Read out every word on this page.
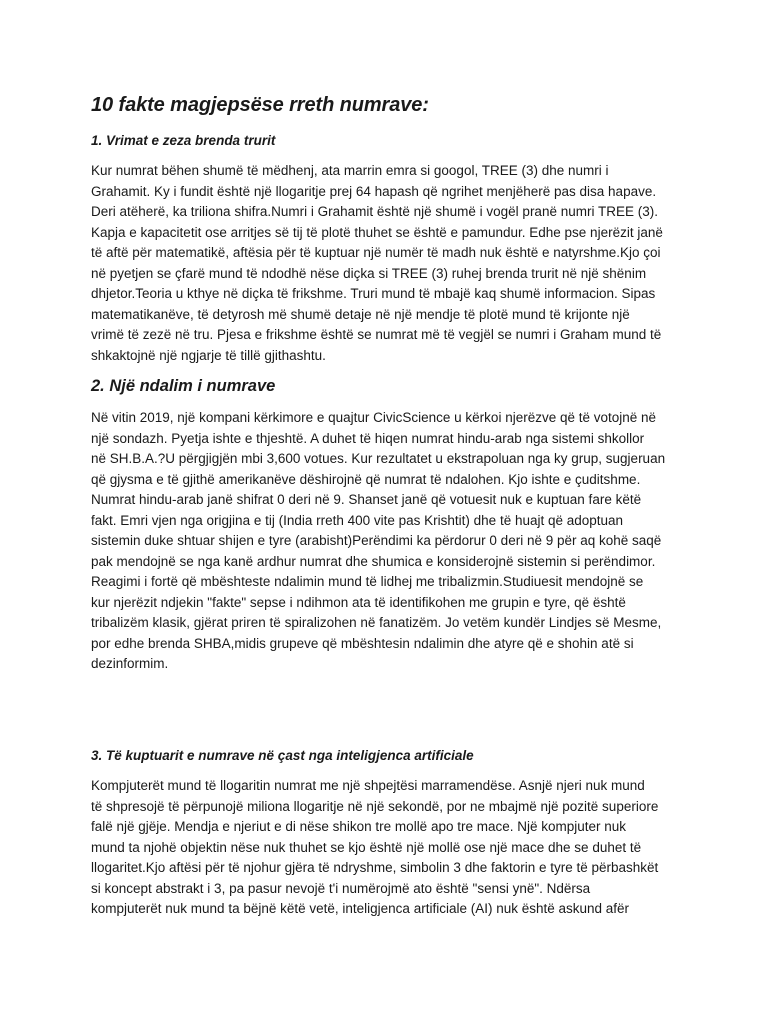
10 fakte magjepsëse rreth numrave:
1. Vrimat e zeza brenda trurit
Kur numrat bëhen shumë të mëdhenj, ata marrin emra si googol, TREE (3) dhe numri i
Grahamit. Ky i fundit është një llogaritje prej 64 hapash që ngrihet menjëherë pas disa hapave.
Deri atëherë, ka triliona shifra.Numri i Grahamit është një shumë i vogël pranë numri TREE (3).
Kapja e kapacitetit ose arritjes së tij të plotë thuhet se është e pamundur. Edhe pse njerëzit janë
të aftë për matematikë, aftësia për të kuptuar një numër të madh nuk është e natyrshme.Kjo çoi
në pyetjen se çfarë mund të ndodhë nëse diçka si TREE (3) ruhej brenda trurit në një shënim
dhjetor.Teoria u kthye në diçka të frikshme. Truri mund të mbajë kaq shumë informacion. Sipas
matematikanëve, të detyrosh më shumë detaje në një mendje të plotë mund të krijonte një
vrimë të zezë në tru. Pjesa e frikshme është se numrat më të vegjël se numri i Graham mund të
shkaktojnë një ngjarje të tillë gjithashtu.
2. Një ndalim i numrave
Në vitin 2019, një kompani kërkimore e quajtur CivicScience u kërkoi njerëzve që të votojnë në
një sondazh. Pyetja ishte e thjeshtë. A duhet të hiqen numrat hindu-arab nga sistemi shkollor
në SH.B.A.?U përgjigjën mbi 3,600 votues. Kur rezultatet u ekstrapoluan nga ky grup, sugjeruan
që gjysma e të gjithë amerikanëve dëshirojnë që numrat të ndalohen. Kjo ishte e çuditshme.
Numrat hindu-arab janë shifrat 0 deri në 9. Shanset janë që votuesit nuk e kuptuan fare këtë
fakt. Emri vjen nga origjina e tij (India rreth 400 vite pas Krishtit) dhe të huajt që adoptuan
sistemin duke shtuar shijen e tyre (arabisht)Perëndimi ka përdorur 0 deri në 9 për aq kohë saqë
pak mendojnë se nga kanë ardhur numrat dhe shumica e konsiderojnë sistemin si perëndimor.
Reagimi i fortë që mbështeste ndalimin mund të lidhej me tribalizmin.Studiuesit mendojnë se
kur njerëzit ndjekin "fakte" sepse i ndihmon ata të identifikohen me grupin e tyre, që është
tribalizëm klasik, gjërat priren të spiralizohen në fanatizëm. Jo vetëm kundër Lindjes së Mesme,
por edhe brenda SHBA,midis grupeve që mbështesin ndalimin dhe atyre që e shohin atë si
dezinformim.
3. Të kuptuarit e numrave në çast nga inteligjenca artificiale
Kompjuterët mund të llogaritin numrat me një shpejtësi marramendëse. Asnjë njeri nuk mund
të shpresojë të përpunojë miliona llogaritje në një sekondë, por ne mbajmë një pozitë superiore
falë një gjëje. Mendja e njeriut e di nëse shikon tre mollë apo tre mace. Një kompjuter nuk
mund ta njohë objektin nëse nuk thuhet se kjo është një mollë ose një mace dhe se duhet të
llogaritet.Kjo aftësi për të njohur gjëra të ndryshme, simbolin 3 dhe faktorin e tyre të përbashkët
si koncept abstrakt i 3, pa pasur nevojë t'i numërojmë ato është "sensi ynë". Ndërsa
kompjuterët nuk mund ta bëjnë këtë vetë, inteligjenca artificiale (AI) nuk është askund afër
